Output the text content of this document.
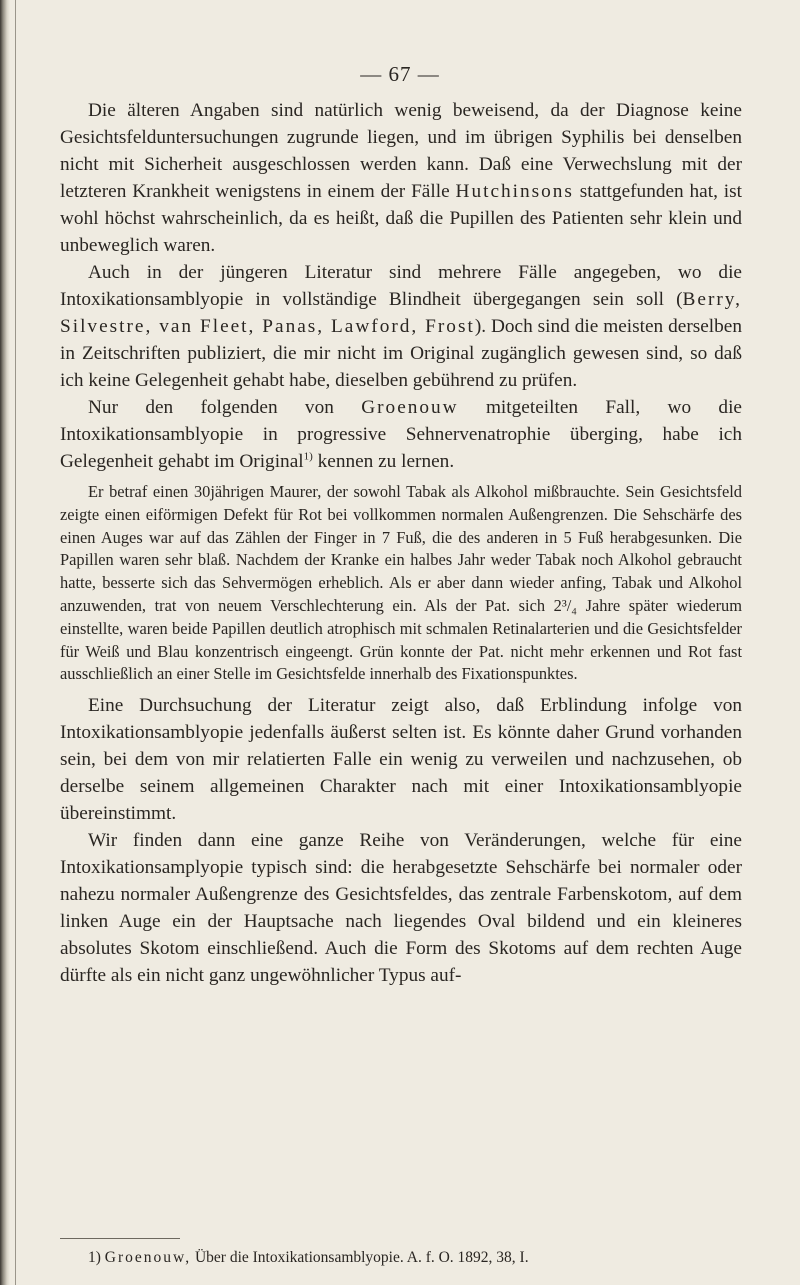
— 67 —

Die älteren Angaben sind natürlich wenig beweisend, da der Diagnose keine Gesichtsfelduntersuchungen zugrunde liegen, und im übrigen Syphilis bei denselben nicht mit Sicherheit ausgeschlossen werden kann. Daß eine Verwechslung mit der letzteren Krankheit wenigstens in einem der Fälle Hutchinsons stattgefunden hat, ist wohl höchst wahrscheinlich, da es heißt, daß die Pupillen des Patienten sehr klein und unbeweglich waren.

Auch in der jüngeren Literatur sind mehrere Fälle angegeben, wo die Intoxikationsamblyopie in vollständige Blindheit übergegangen sein soll (Berry, Silvestre, van Fleet, Panas, Lawford, Frost). Doch sind die meisten derselben in Zeitschriften publiziert, die mir nicht im Original zugänglich gewesen sind, so daß ich keine Gelegenheit gehabt habe, dieselben gebührend zu prüfen.

Nur den folgenden von Groenouw mitgeteilten Fall, wo die Intoxikationsamblyopie in progressive Sehnervenatrophie überging, habe ich Gelegenheit gehabt im Original$^{1)}$ kennen zu lernen.

Er betraf einen 30jährigen Maurer, der sowohl Tabak als Alkohol mißbrauchte. Sein Gesichtsfeld zeigte einen eiförmigen Defekt für Rot bei vollkommen normalen Außengrenzen. Die Sehschärfe des einen Auges war auf das Zählen der Finger in 7 Fuß, die des anderen in 5 Fuß herabgesunken. Die Papillen waren sehr blaß. Nachdem der Kranke ein halbes Jahr weder Tabak noch Alkohol gebraucht hatte, besserte sich das Sehvermögen erheblich. Als er aber dann wieder anfing, Tabak und Alkohol anzuwenden, trat von neuem Verschlechterung ein. Als der Pat. sich 2³/₄ Jahre später wiederum einstellte, waren beide Papillen deutlich atrophisch mit schmalen Retinalarterien und die Gesichtsfelder für Weiß und Blau konzentrisch eingeengt. Grün konnte der Pat. nicht mehr erkennen und Rot fast ausschließlich an einer Stelle im Gesichtsfelde innerhalb des Fixationspunktes.

Eine Durchsuchung der Literatur zeigt also, daß Erblindung infolge von Intoxikationsamblyopie jedenfalls äußerst selten ist. Es könnte daher Grund vorhanden sein, bei dem von mir relatierten Falle ein wenig zu verweilen und nachzusehen, ob derselbe seinem allgemeinen Charakter nach mit einer Intoxikationsamblyopie übereinstimmt.

Wir finden dann eine ganze Reihe von Veränderungen, welche für eine Intoxikationsamplyopie typisch sind: die herabgesetzte Sehschärfe bei normaler oder nahezu normaler Außengrenze des Gesichtsfeldes, das zentrale Farbenskotom, auf dem linken Auge ein der Hauptsache nach liegendes Oval bildend und ein kleineres absolutes Skotom einschließend. Auch die Form des Skotoms auf dem rechten Auge dürfte als ein nicht ganz ungewöhnlicher Typus auf-

1) Groenouw, Über die Intoxikationsamblyopie. A. f. O. 1892, 38, I.
